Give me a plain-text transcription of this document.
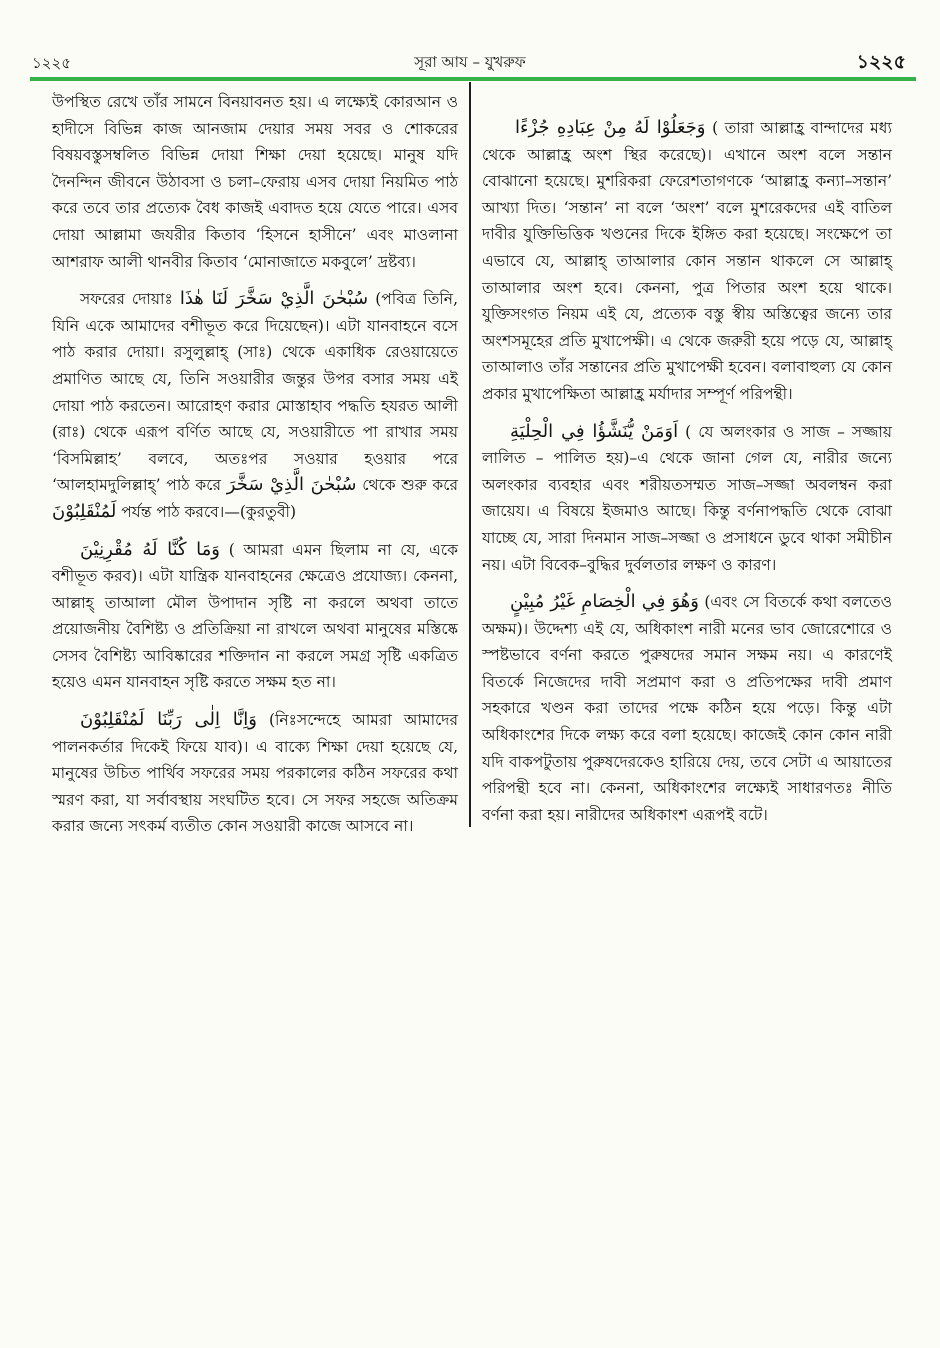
১২২৫	সূরা আয – যুখরুফ	১২২৫

উপস্থিত রেখে তাঁর সামনে বিনয়াবনত হয়। এ লক্ষ্যেই কোরআন ও হাদীসে বিভিন্ন কাজ আনজাম দেয়ার সময় সবর ও শোকরের বিষয়বস্তুসম্বলিত বিভিন্ন দোয়া শিক্ষা দেয়া হয়েছে। মানুষ যদি দৈনন্দিন জীবনে উঠাবসা ও চলা–ফেরায় এসব দোয়া নিয়মিত পাঠ করে তবে তার প্রত্যেক বৈধ কাজই এবাদত হয়ে যেতে পারে। এসব দোয়া আল্লামা জযরীর কিতাব ‘হিসনে হাসীনে’ এবং মাওলানা আশরাফ আলী থানবীর কিতাব ‘মোনাজাতে মকবুলে’ দ্রষ্টব্য।

সফরের দোয়াঃ سُبْحٰنَ الَّذِيْ سَخَّرَ لَنَا هٰذَا (পবিত্র তিনি, যিনি একে আমাদের বশীভূত করে দিয়েছেন)। এটা যানবাহনে বসে পাঠ করার দোয়া। রসুলুল্লাহ্ (সাঃ) থেকে একাধিক রেওয়ায়েতে প্রমাণিত আছে যে, তিনি সওয়ারীর জন্তুর উপর বসার সময় এই দোয়া পাঠ করতেন। আরোহণ করার মোস্তাহাব পদ্ধতি হযরত আলী (রাঃ) থেকে এরূপ বর্ণিত আছে যে, সওয়ারীতে পা রাখার সময় ‘বিসমিল্লাহ’ বলবে, অতঃপর সওয়ার হওয়ার পরে ‘আলহামদুলিল্লাহ্’ পাঠ করে سُبْحٰنَ الَّذِيْ سَخَّرَ থেকে শুরু করে لَمُنْقَلِبُوْنَ পর্যন্ত পাঠ করবে।—(কুরতুবী)

وَمَا كُنَّا لَهُ مُقْرِنِيْنَ ( আমরা এমন ছিলাম না যে, একে বশীভূত করব)। এটা যান্ত্রিক যানবাহনের ক্ষেত্রেও প্রযোজ্য। কেননা, আল্লাহ্ তাআলা মৌল উপাদান সৃষ্টি না করলে অথবা তাতে প্রয়োজনীয় বৈশিষ্ট্য ও প্রতিক্রিয়া না রাখলে অথবা মানুষের মস্তিষ্কে সেসব বৈশিষ্ট্য আবিষ্কারের শক্তিদান না করলে সমগ্র সৃষ্টি একত্রিত হয়েও এমন যানবাহন সৃষ্টি করতে সক্ষম হত না।

وَاِنَّا اِلٰى رَبِّنَا لَمُنْقَلِبُوْنَ (নিঃসন্দেহে আমরা আমাদের পালনকর্তার দিকেই ফিয়ে যাব)। এ বাক্যে শিক্ষা দেয়া হয়েছে যে, মানুষের উচিত পার্থিব সফরের সময় পরকালের কঠিন সফরের কথা স্মরণ করা, যা সর্বাবস্থায় সংঘটিত হবে। সে সফর সহজে অতিক্রম করার জন্যে সৎকর্ম ব্যতীত কোন সওয়ারী কাজে আসবে না।

وَجَعَلُوْا لَهُ مِنْ عِبَادِهِ جُزْءًا ( তারা আল্লাহ্র বান্দাদের মধ্য থেকে আল্লাহ্র অংশ স্থির করেছে)। এখানে অংশ বলে সন্তান বোঝানো হয়েছে। মুশরিকরা ফেরেশতাগণকে ‘আল্লাহ্র কন্যা–সন্তান’ আখ্যা দিত। ‘সন্তান’ না বলে ‘অংশ’ বলে মুশরেকদের এই বাতিল দাবীর যুক্তিভিত্তিক খণ্ডনের দিকে ইঙ্গিত করা হয়েছে। সংক্ষেপে তা এভাবে যে, আল্লাহ্ তাআলার কোন সন্তান থাকলে সে আল্লাহ্ তাআলার অংশ হবে। কেননা, পুত্র পিতার অংশ হয়ে থাকে। যুক্তিসংগত নিয়ম এই যে, প্রত্যেক বস্তু স্বীয় অস্তিত্বের জন্যে তার অংশসমূহের প্রতি মুখাপেক্ষী। এ থেকে জরুরী হয়ে পড়ে যে, আল্লাহ্ তাআলাও তাঁর সন্তানের প্রতি মুখাপেক্ষী হবেন। বলাবাহুল্য যে কোন প্রকার মুখাপেক্ষিতা আল্লাহ্র মর্যাদার সম্পূর্ণ পরিপন্থী।

اَوَمَنْ يُّنَشَّؤُا فِي الْحِلْيَةِ ( যে অলংকার ও সাজ – সজ্জায় লালিত – পালিত হয়)–এ থেকে জানা গেল যে, নারীর জন্যে অলংকার ব্যবহার এবং শরীয়তসম্মত সাজ–সজ্জা অবলম্বন করা জায়েয। এ বিষয়ে ইজমাও আছে। কিন্তু বর্ণনাপদ্ধতি থেকে বোঝা যাচ্ছে যে, সারা দিনমান সাজ–সজ্জা ও প্রসাধনে ডুবে থাকা সমীচীন নয়। এটা বিবেক–বুদ্ধির দুর্বলতার লক্ষণ ও কারণ।

وَهُوَ فِي الْخِصَامِ غَيْرُ مُبِيْنٍ (এবং সে বিতর্কে কথা বলতেও অক্ষম)। উদ্দেশ্য এই যে, অধিকাংশ নারী মনের ভাব জোরেশোরে ও স্পষ্টভাবে বর্ণনা করতে পুরুষদের সমান সক্ষম নয়। এ কারণেই বিতর্কে নিজেদের দাবী সপ্রমাণ করা ও প্রতিপক্ষের দাবী প্রমাণ সহকারে খণ্ডন করা তাদের পক্ষে কঠিন হয়ে পড়ে। কিন্তু এটা অধিকাংশের দিকে লক্ষ্য করে বলা হয়েছে। কাজেই কোন কোন নারী যদি বাকপটুতায় পুরুষদেরকেও হারিয়ে দেয়, তবে সেটা এ আয়াতের পরিপন্থী হবে না। কেননা, অধিকাংশের লক্ষ্যেই সাধারণতঃ নীতি বর্ণনা করা হয়। নারীদের অধিকাংশ এরূপই বটে।
